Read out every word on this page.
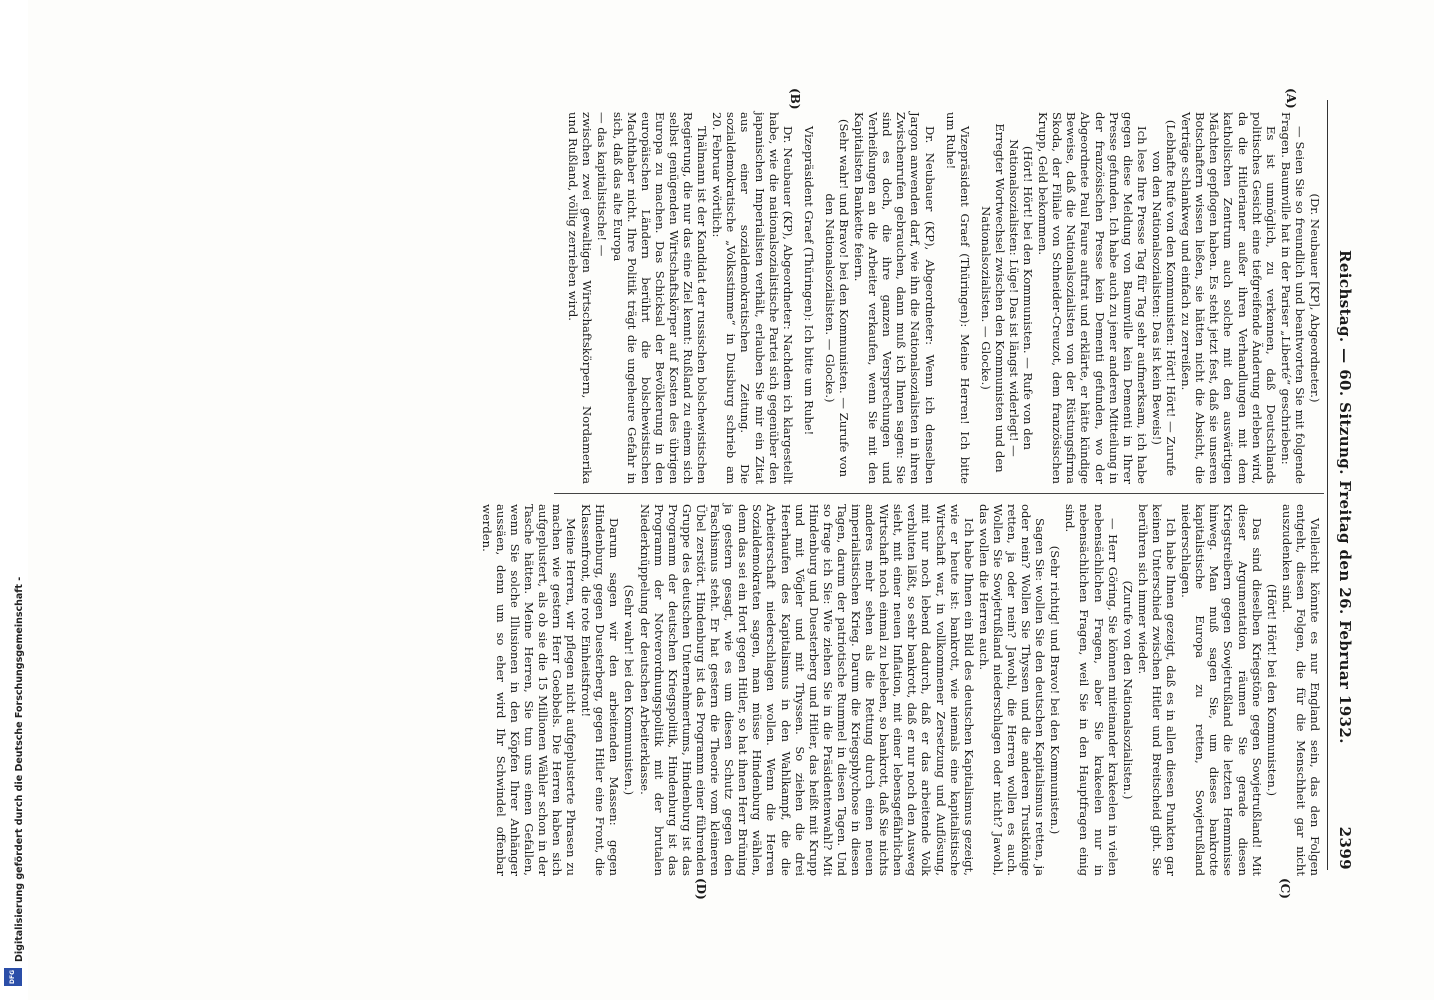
Reichstag. — 60. Sitzung. Freitag den 26. Februar 1932.
2399
(A)
(B)
(C)
(D)

(Dr. Neubauer [KP], Abgeordneter.)

— Seien Sie so freundlich und beantworten Sie mit folgende Fragen. Baumville hat in der Pariser „Liberté“ geschrieben:

Es ist unmöglich, zu verkennen, daß Deutschlands politisches Gesicht eine tiefgreifende Änderung erleben wird, da die Hitlerianer außer ihren Verhandlungen mit dem katholischen Zentrum auch solche mit den auswärtigen Mächten gepflogen haben. Es steht jetzt fest, daß sie unseren Botschaftern wissen ließen, sie hätten nicht die Absicht, die Verträge schlankweg und einfach zu zerreißen.

(Lebhafte Rufe von den Kommunisten: Hört! Hört! — Zurufe von den Nationalsozialisten: Das ist kein Beweis!)

Ich lese Ihre Presse Tag für Tag sehr aufmerksam, ich habe gegen diese Meldung von Baumville kein Dementi in Ihrer Presse gefunden. Ich habe auch zu jener anderen Mitteilung in der französischen Presse kein Dementi gefunden, wo der Abgeordnete Paul Faure auftrat und erklärte, er hätte kündige Beweise, daß die Nationalsozialisten von der Rüstungsfirma Skoda, der Filiale von Schneider-Creuzot, dem französischen Krupp, Geld bekommen.

(Hört! Hört! bei den Kommunisten. — Rufe von den Nationalsozialisten: Lüge! Das ist längst widerlegt! — Erregter Wortwechsel zwischen den Kommunisten und den Nationalsozialisten. — Glocke.)

Vizepräsident Graef (Thüringen): Meine Herren! Ich bitte um Ruhe!

Dr. Neubauer (KP), Abgeordneter: Wenn ich denselben Jargon anwenden darf, wie ihn die Nationalsozialisten in ihren Zwischenrufen gebrauchen, dann muß ich Ihnen sagen: Sie sind es doch, die ihre ganzen Versprechungen und Verheißungen an die Arbeiter verkaufen, wenn Sie mit den Kapitalisten Bankette feiern.

(Sehr wahr! und Bravo! bei den Kommunisten. — Zurufe von den Nationalsozialisten. — Glocke.)

Vizepräsident Graef (Thüringen): Ich bitte um Ruhe!

Dr. Neubauer (KP), Abgeordneter: Nachdem ich klargestellt habe, wie die nationalsozialistische Partei sich gegenüber den japanischen Imperialisten verhält, erlauben Sie mir ein Zitat aus einer sozialdemokratischen Zeitung. Die sozialdemokratische „Volksstimme“ in Duisburg schrieb am 20. Februar wörtlich:

Thälmann ist der Kandidat der russischen bolschewistischen Regierung, die nur das eine Ziel kennt: Rußland zu einem sich selbst genügenden Wirtschaftskörper auf Kosten des übrigen Europa zu machen. Das Schicksal der Bevölkerung in den europäischen Ländern berührt die bolschewistischen Machthaber nicht. Ihre Politik trägt die ungeheure Gefahr in sich, daß das alte Europa

— das kapitalistische! —

zwischen zwei gewaltigen Wirtschaftskörpern, Nordamerika und Rußland, völlig zerrieben wird.

Vielleicht könnte es nur England sein, das den Folgen entgeht, diesen Folgen, die für die Menschheit gar nicht auszudenken sind.

(Hört! Hört! bei den Kommunisten.)

Das sind dieselben Kriegstöne gegen Sowjetrußland! Mit dieser Argumentation räumen Sie gerade diesen Kriegstreibern gegen Sowjetrußland die letzten Hemmnisse hinweg. Man muß sagen Sie, um dieses bankrotte kapitalistische Europa zu retten, Sowjetrußland niederschlagen.

Ich habe Ihnen gezeigt, daß es in allen diesen Punkten gar keinen Unterschied zwischen Hitler und Breitscheid gibt. Sie berühren sich immer wieder.

(Zurufe von den Nationalsozialisten.)

— Herr Göring, Sie können miteinander krakeelen in vielen nebensächlichen Fragen, aber Sie krakeelen nur in nebensächlichen Fragen, weil Sie in den Hauptfragen einig sind.

(Sehr richtig! und Bravo! bei den Kommunisten.)

Sagen Sie: wollen Sie den deutschen Kapitalismus retten, ja oder nein? Wollen Sie Thyssen und die anderen Trustkönige retten, ja oder nein? Jawohl, die Herren wollen es auch. Wollen Sie Sowjetrußland niederschlagen oder nicht? Jawohl, das wollen die Herren auch.

Ich habe Ihnen ein Bild des deutschen Kapitalismus gezeigt, wie er heute ist: bankrott, wie niemals eine kapitalistische Wirtschaft war, in vollkommener Zersetzung und Auflösung, mit nur noch lebend dadurch, daß er das arbeitende Volk verbluten läßt, so sehr bankrott, daß er nur noch den Ausweg sieht, mit einer neuen Inflation, mit einer lebensgefährlichen Wirtschaft noch einmal zu beleben, so bankrott, daß Sie nichts anderes mehr sehen als die Rettung durch einen neuen imperialistischen Krieg. Darum die Kriegsphychose in diesen Tagen, darum der patriotische Rummel in diesen Tagen. Und so frage ich Sie: Wie ziehen Sie in die Präsidentenwahl? Mit Hindenburg und Duesterberg und Hitler, das heißt mit Krupp und mit Vögler und mit Thyssen. So ziehen die drei Heerhaufen des Kapitalismus in den Wahlkampf, die die Arbeiterschaft niederschlagen wollen. Wenn die Herren Sozialdemokraten sagen, man müsse Hindenburg wählen, denn das sei ein Hort gegen Hitler, so hat ihnen Herr Brüning ja gestern gesagt, wie es um diesen Schutz gegen den Faschismus steht. Er hat gestern die Theorie vom kleineren Übel zerstört. Hindenburg ist das Programm einer führenden Gruppe des deutschen Unternehmertums, Hindenburg ist das Programm der deutschen Kriegspolitik, Hindenburg ist das Programm der Notverordnungspolitik mit der brutalen Niederknüppelung der deutschen Arbeiterklasse.

(Sehr wahr! bei den Kommunisten.)

Darum sagen wir den arbeitenden Massen: gegen Hindenburg, gegen Duesterberg, gegen Hitler eine Front, die Klassenfront, die rote Einheitsfront!

Meine Herren, wir pflegen nicht aufgeplusterte Phrasen zu machen wie gestern Herr Goebbels. Die Herren haben sich aufgeplustert, als ob sie die 15 Millionen Wähler schon in der Tasche hätten. Meine Herren, Sie tun uns einen Gefallen, wenn Sie solche Illusionen in den Köpfen Ihrer Anhänger aussäen, denn um so eher wird Ihr Schwindel offenbar werden.

Digitalisierung gefördert durch die Deutsche Forschungsgemeinschaft -
DFG
